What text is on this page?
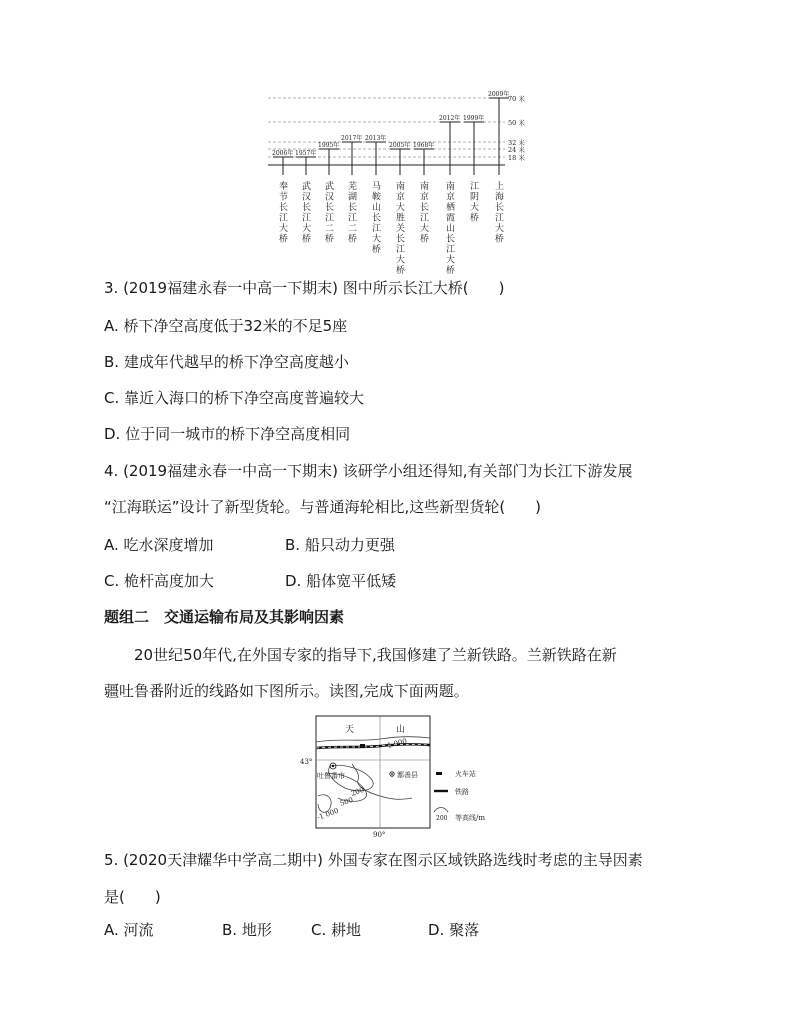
70 米
50 米
32 米
24 米
18 米
2006年
奉
节
长
江
大
桥
1957年
武
汉
长
江
大
桥
1995年
武
汉
长
江
二
桥
2017年
芜
湖
长
江
二
桥
2013年
马
鞍
山
长
江
大
桥
2005年
南
京
大
胜
关
长
江
大
桥
1968年
南
京
长
江
大
桥
2012年
南
京
栖
霞
山
长
江
大
桥
1999年
江
阴
大
桥
2009年
上
海
长
江
大
桥
3. (2019福建永春一中高一下期末) 图中所示长江大桥(　　)
A. 桥下净空高度低于32米的不足5座
B. 建成年代越早的桥下净空高度越小
C. 靠近入海口的桥下净空高度普遍较大
D. 位于同一城市的桥下净空高度相同
4. (2019福建永春一中高一下期末) 该研学小组还得知,有关部门为长江下游发展
“江海联运”设计了新型货轮。与普通海轮相比,这些新型货轮(　　)
A. 吃水深度增加	B. 船只动力更强
C. 桅杆高度加大	D. 船体宽平低矮
题组二　交通运输布局及其影响因素
20世纪50年代,在外国专家的指导下,我国修建了兰新铁路。兰新铁路在新
疆吐鲁番附近的线路如下图所示。读图,完成下面两题。
天	山
1 000
吐鲁番市	鄯善县
200
500
-1 000
43°
90°
火车站
铁路
200 等高线/m
5. (2020天津耀华中学高二期中) 外国专家在图示区域铁路选线时考虑的主导因素
是(　　)
A. 河流	B. 地形	C. 耕地	D. 聚落
